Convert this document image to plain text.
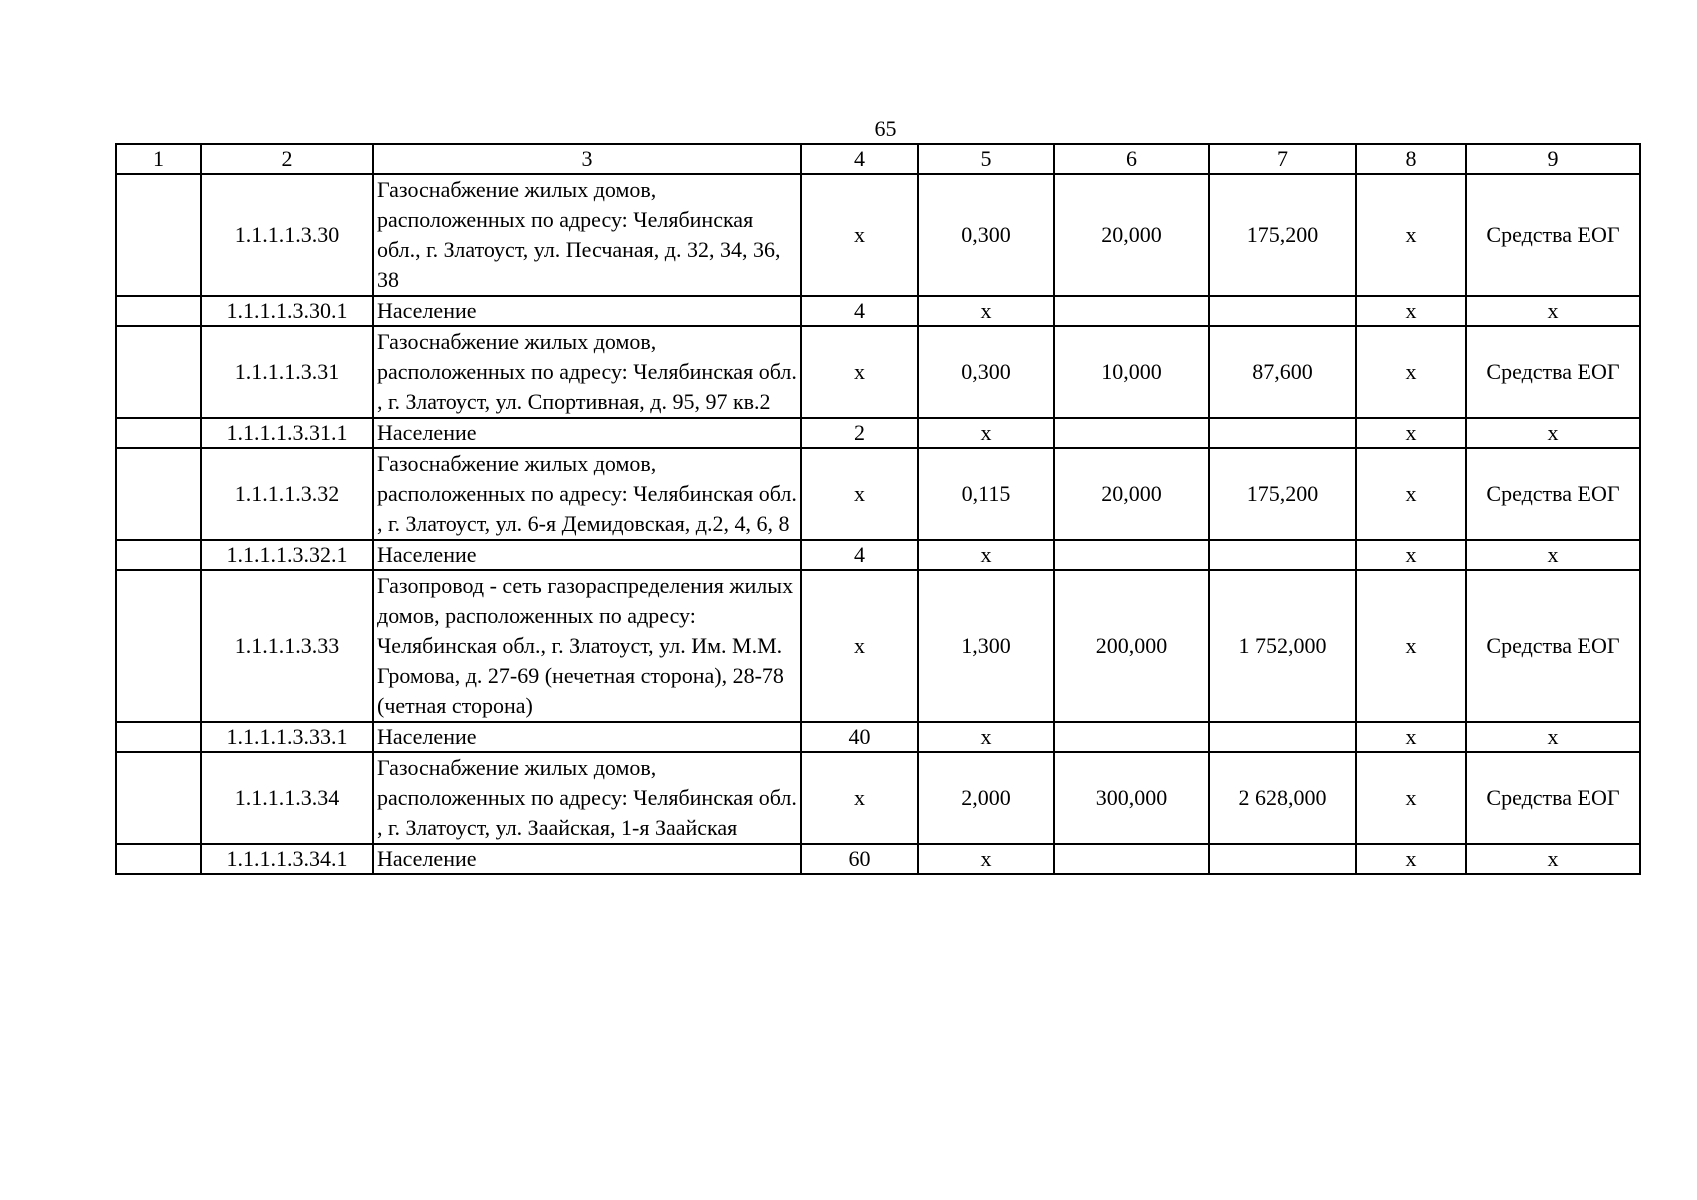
65
1	2	3	4	5	6	7	8	9
	1.1.1.1.3.30	Газоснабжение жилых домов, расположенных по адресу: Челябинская обл., г. Златоуст, ул. Песчаная, д. 32, 34, 36, 38	х	0,300	20,000	175,200	х	Средства ЕОГ
	1.1.1.1.3.30.1	Население	4	х			х	х
	1.1.1.1.3.31	Газоснабжение жилых домов, расположенных по адресу: Челябинская обл. , г. Златоуст, ул. Спортивная, д. 95, 97 кв.2	х	0,300	10,000	87,600	х	Средства ЕОГ
	1.1.1.1.3.31.1	Население	2	х			х	х
	1.1.1.1.3.32	Газоснабжение жилых домов, расположенных по адресу: Челябинская обл. , г. Златоуст, ул. 6-я Демидовская, д.2, 4, 6, 8	х	0,115	20,000	175,200	х	Средства ЕОГ
	1.1.1.1.3.32.1	Население	4	х			х	х
	1.1.1.1.3.33	Газопровод - сеть газораспределения жилых домов, расположенных по адресу: Челябинская обл., г. Златоуст, ул. Им. М.М. Громова, д. 27-69 (нечетная сторона), 28-78 (четная сторона)	х	1,300	200,000	1 752,000	х	Средства ЕОГ
	1.1.1.1.3.33.1	Население	40	х			х	х
	1.1.1.1.3.34	Газоснабжение жилых домов, расположенных по адресу: Челябинская обл. , г. Златоуст, ул. Заайская, 1-я Заайская	х	2,000	300,000	2 628,000	х	Средства ЕОГ
	1.1.1.1.3.34.1	Население	60	х			х	х
